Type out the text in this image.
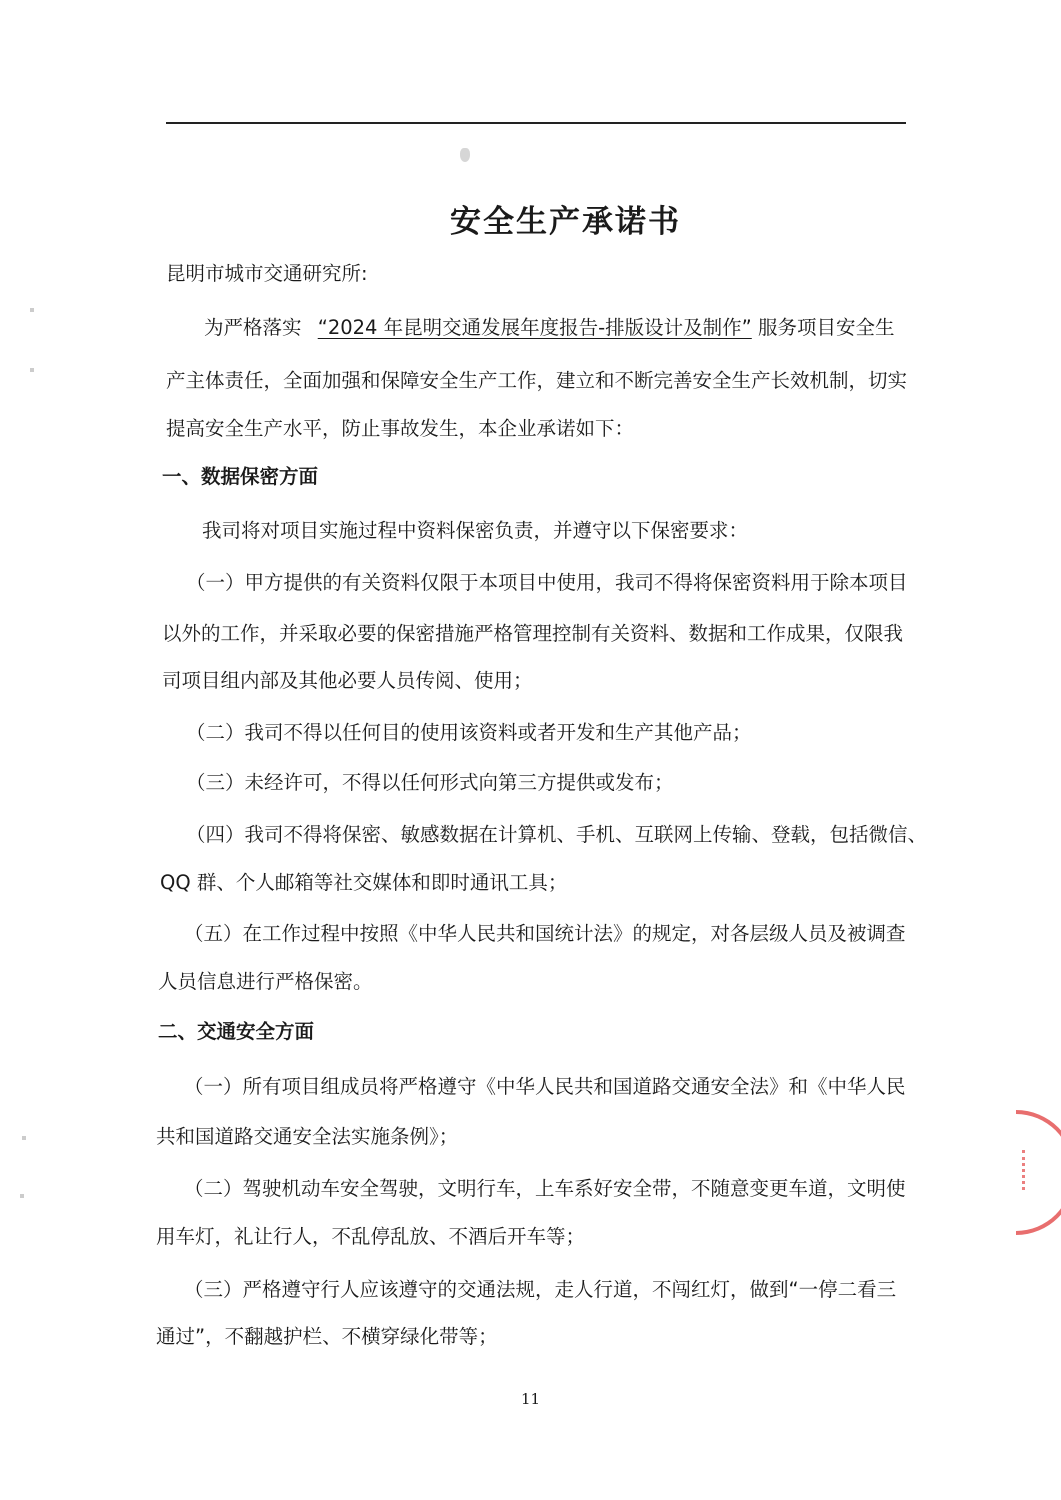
安全生产承诺书
昆明市城市交通研究所:
为严格落实 “2024 年昆明交通发展年度报告-排版设计及制作” 服务项目安全生
产主体责任，全面加强和保障安全生产工作，建立和不断完善安全生产长效机制，切实
提高安全生产水平，防止事故发生，本企业承诺如下：
一、数据保密方面
我司将对项目实施过程中资料保密负责，并遵守以下保密要求：
（一）甲方提供的有关资料仅限于本项目中使用，我司不得将保密资料用于除本项目
以外的工作，并采取必要的保密措施严格管理控制有关资料、数据和工作成果，仅限我
司项目组内部及其他必要人员传阅、使用；
（二）我司不得以任何目的使用该资料或者开发和生产其他产品；
（三）未经许可，不得以任何形式向第三方提供或发布；
（四）我司不得将保密、敏感数据在计算机、手机、互联网上传输、登载，包括微信、
QQ 群、个人邮箱等社交媒体和即时通讯工具；
（五）在工作过程中按照《中华人民共和国统计法》的规定，对各层级人员及被调查
人员信息进行严格保密。
二、交通安全方面
（一）所有项目组成员将严格遵守《中华人民共和国道路交通安全法》和《中华人民
共和国道路交通安全法实施条例》；
（二）驾驶机动车安全驾驶，文明行车，上车系好安全带，不随意变更车道，文明使
用车灯，礼让行人，不乱停乱放、不酒后开车等；
（三）严格遵守行人应该遵守的交通法规，走人行道，不闯红灯，做到“一停二看三
通过”，不翻越护栏、不横穿绿化带等；
11
